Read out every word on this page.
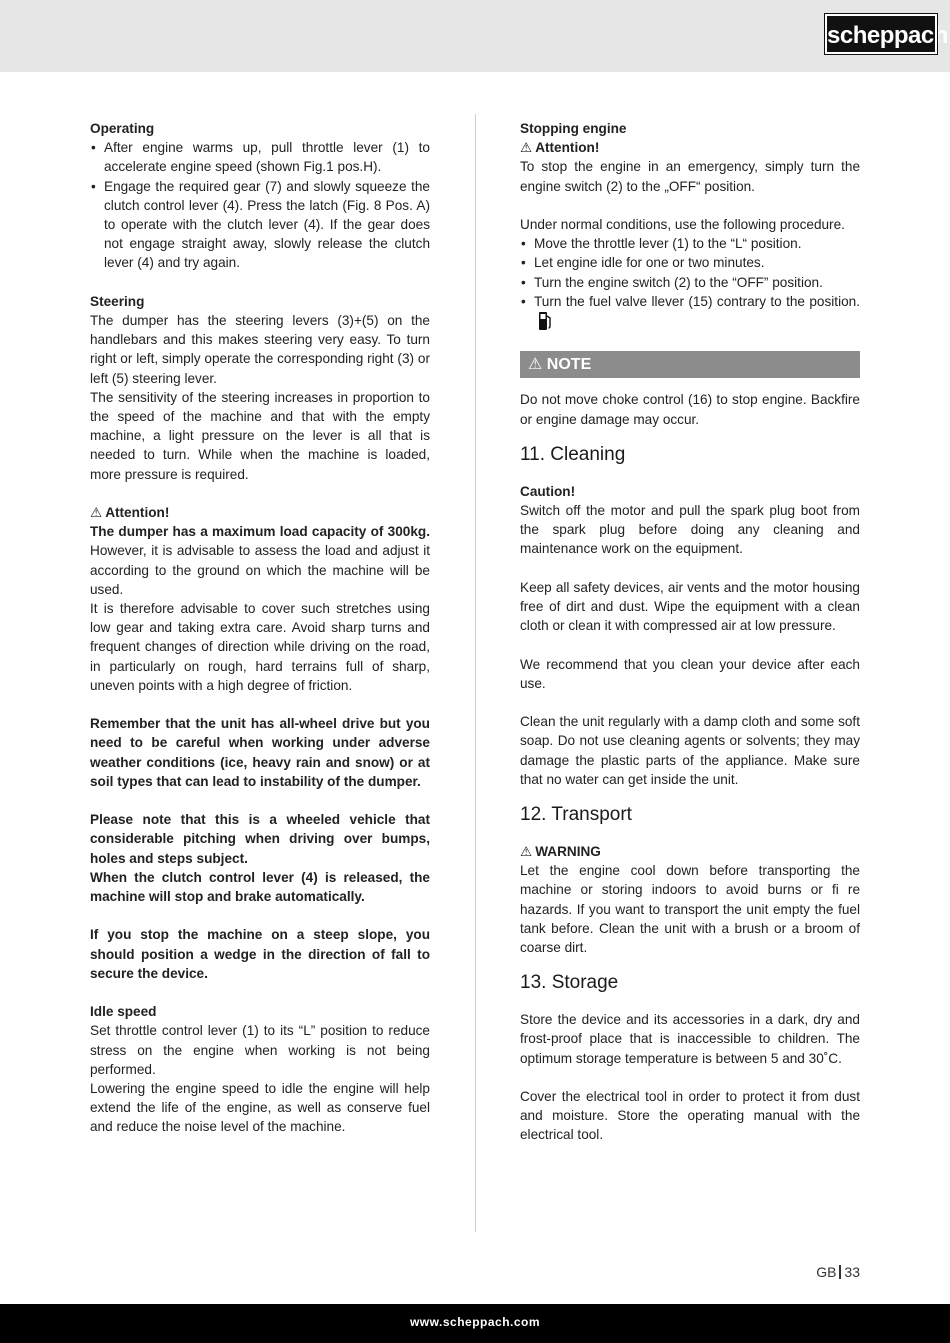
scheppach

Operating

• After engine warms up, pull throttle lever (1) to accelerate engine speed (shown Fig.1 pos.H).
• Engage the required gear (7) and slowly squeeze the clutch control lever (4). Press the latch (Fig. 8 Pos. A) to operate with the clutch lever (4). If the gear does not engage straight away, slowly release the clutch lever (4) and try again.

Steering

The dumper has the steering levers (3)+(5) on the handlebars and this makes steering very easy. To turn right or left, simply operate the corresponding right (3) or left (5) steering lever.

The sensitivity of the steering increases in proportion to the speed of the machine and that with the empty machine, a light pressure on the lever is all that is needed to turn. While when the machine is loaded, more pressure is required.

⚠ Attention!

The dumper has a maximum load capacity of 300kg. However, it is advisable to assess the load and adjust it according to the ground on which the machine will be used.

It is therefore advisable to cover such stretches using low gear and taking extra care. Avoid sharp turns and frequent changes of direction while driving on the road, in particularly on rough, hard terrains full of sharp, uneven points with a high degree of friction.

Remember that the unit has all-wheel drive but you need to be careful when working under adverse weather conditions (ice, heavy rain and snow) or at soil types that can lead to instability of the dumper.

Please note that this is a wheeled vehicle that considerable pitching when driving over bumps, holes and steps subject.

When the clutch control lever (4) is released, the machine will stop and brake automatically.

If you stop the machine on a steep slope, you should position a wedge in the direction of fall to secure the device.

Idle speed

Set throttle control lever (1) to its “L” position to reduce stress on the engine when working is not being performed.

Lowering the engine speed to idle the engine will help extend the life of the engine, as well as conserve fuel and reduce the noise level of the machine.

Stopping engine

⚠ Attention!

To stop the engine in an emergency, simply turn the engine switch (2) to the „OFF“ position.

Under normal conditions, use the following procedure.

• Move the throttle lever (1) to the “L“ position.
• Let engine idle for one or two minutes.
• Turn the engine switch (2) to the “OFF” position.
• Turn the fuel valve llever (15) contrary to the position.
⚠ NOTE

Do not move choke control (16) to stop engine. Backfire or engine damage may occur.

11. Cleaning

Caution!

Switch off the motor and pull the spark plug boot from the spark plug before doing any cleaning and maintenance work on the equipment.

Keep all safety devices, air vents and the motor housing free of dirt and dust. Wipe the equipment with a clean cloth or clean it with compressed air at low pressure.

We recommend that you clean your device after each use.

Clean the unit regularly with a damp cloth and some soft soap. Do not use cleaning agents or solvents; they may damage the plastic parts of the appliance. Make sure that no water can get inside the unit.

12. Transport

⚠ WARNING

Let the engine cool down before transporting the machine or storing indoors to avoid burns or fi re hazards. If you want to transport the unit empty the fuel tank before. Clean the unit with a brush or a broom of coarse dirt.

13. Storage

Store the device and its accessories in a dark, dry and frost-proof place that is inaccessible to children. The optimum storage temperature is between 5 and 30˚C.

Cover the electrical tool in order to protect it from dust and moisture. Store the operating manual with the electrical tool.

GB 33
www.scheppach.com
